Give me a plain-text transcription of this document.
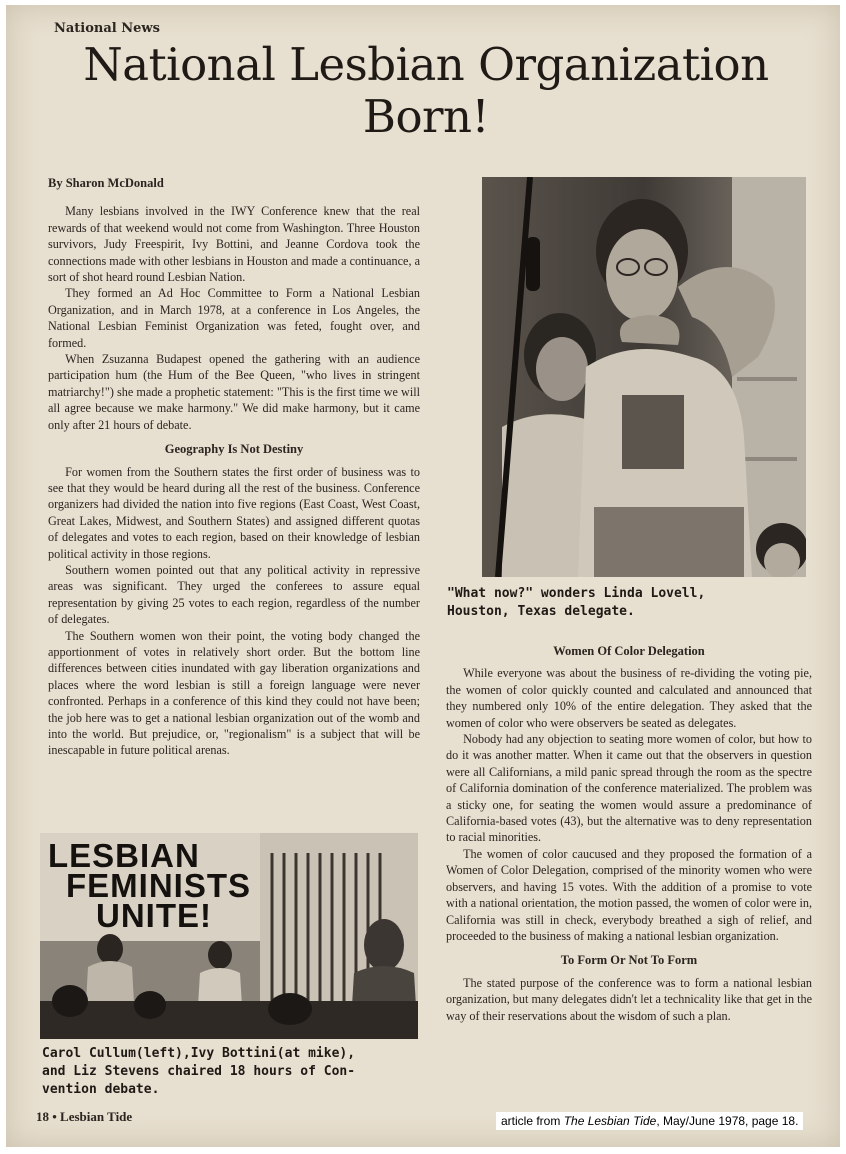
National News
National Lesbian Organization
Born!

By Sharon McDonald

Many lesbians involved in the IWY Conference knew that the real rewards of that weekend would not come from Washington. Three Houston survivors, Judy Freespirit, Ivy Bottini, and Jeanne Cordova took the connections made with other lesbians in Houston and made a continuance, a sort of shot heard round Lesbian Nation.

They formed an Ad Hoc Committee to Form a National Lesbian Organization, and in March 1978, at a conference in Los Angeles, the National Lesbian Feminist Organization was feted, fought over, and formed.

When Zsuzanna Budapest opened the gathering with an audience participation hum (the Hum of the Bee Queen, "who lives in stringent matriarchy!") she made a prophetic statement: "This is the first time we will all agree because we make harmony." We did make harmony, but it came only after 21 hours of debate.

Geography Is Not Destiny

For women from the Southern states the first order of business was to see that they would be heard during all the rest of the business. Conference organizers had divided the nation into five regions (East Coast, West Coast, Great Lakes, Midwest, and Southern States) and assigned different quotas of delegates and votes to each region, based on their knowledge of lesbian political activity in those regions.

Southern women pointed out that any political activity in repressive areas was significant. They urged the conferees to assure equal representation by giving 25 votes to each region, regardless of the number of delegates.

The Southern women won their point, the voting body changed the apportionment of votes in relatively short order. But the bottom line differences between cities inundated with gay liberation organizations and places where the word lesbian is still a foreign language were never confronted. Perhaps in a conference of this kind they could not have been; the job here was to get a national lesbian organization out of the womb and into the world. But prejudice, or, "regionalism" is a subject that will be inescapable in future political arenas.

"What now?" wonders Linda Lovell,
Houston, Texas delegate.

Women Of Color Delegation

While everyone was about the business of re-dividing the voting pie, the women of color quickly counted and calculated and announced that they numbered only 10% of the entire delegation. They asked that the women of color who were observers be seated as delegates.

Nobody had any objection to seating more women of color, but how to do it was another matter. When it came out that the observers in question were all Californians, a mild panic spread through the room as the spectre of California domination of the conference materialized. The problem was a sticky one, for seating the women would assure a predominance of California-based votes (43), but the alternative was to deny representation to racial minorities.

The women of color caucused and they proposed the formation of a Women of Color Delegation, comprised of the minority women who were observers, and having 15 votes. With the addition of a promise to vote with a national orientation, the motion passed, the women of color were in, California was still in check, everybody breathed a sigh of relief, and proceeded to the business of making a national lesbian organization.

To Form Or Not To Form

The stated purpose of the conference was to form a national lesbian organization, but many delegates didn't let a technicality like that get in the way of their reservations about the wisdom of such a plan.

LESBIAN
FEMINISTS
UNITE!
Carol Cullum(left),Ivy Bottini(at mike),
and Liz Stevens chaired 18 hours of Con-
vention debate.
18 • Lesbian Tide	article from The Lesbian Tide, May/June 1978, page 18.
